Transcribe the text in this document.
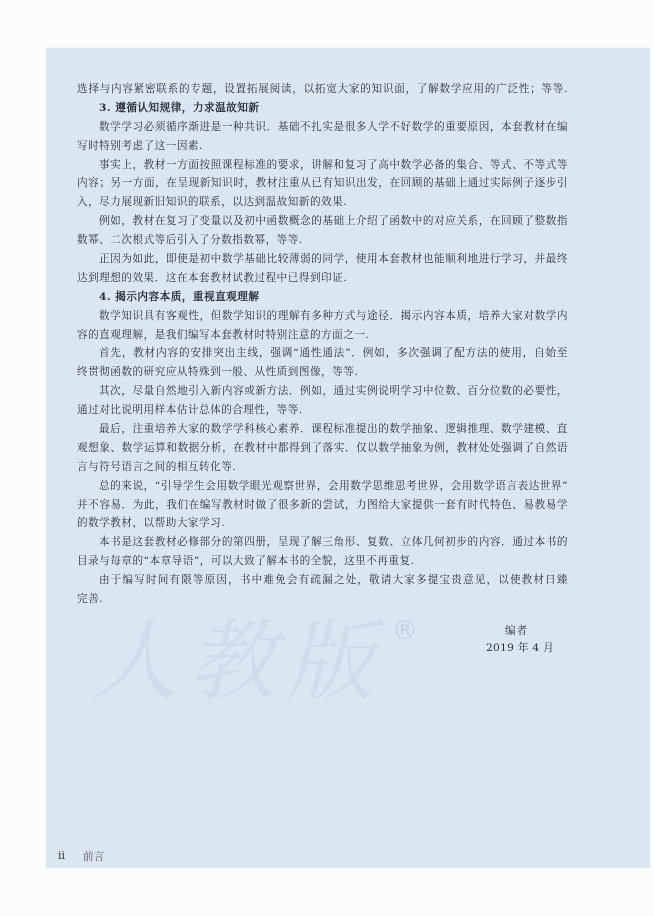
人教版 ®
选择与内容紧密联系的专题，设置拓展阅读，以拓宽大家的知识面，了解数学应用的广泛性；等等.
3. 遵循认知规律，力求温故知新
数学学习必须循序渐进是一种共识．基础不扎实是很多人学不好数学的重要原因，本套教材在编
写时特别考虑了这一因素.
事实上，教材一方面按照课程标准的要求，讲解和复习了高中数学必备的集合、等式、不等式等
内容；另一方面，在呈现新知识时，教材注重从已有知识出发，在回顾的基础上通过实际例子逐步引
入，尽力展现新旧知识的联系，以达到温故知新的效果.
例如，教材在复习了变量以及初中函数概念的基础上介绍了函数中的对应关系，在回顾了整数指
数幂、二次根式等后引入了分数指数幂，等等.
正因为如此，即使是初中数学基础比较薄弱的同学，使用本套教材也能顺利地进行学习，并最终
达到理想的效果．这在本套教材试教过程中已得到印证.
4. 揭示内容本质，重视直观理解
数学知识具有客观性，但数学知识的理解有多种方式与途径．揭示内容本质，培养大家对数学内
容的直观理解，是我们编写本套教材时特别注意的方面之一.
首先，教材内容的安排突出主线，强调“通性通法”．例如，多次强调了配方法的使用，自始至
终贯彻函数的研究应从特殊到一般、从性质到图像，等等.
其次，尽量自然地引入新内容或新方法．例如，通过实例说明学习中位数、百分位数的必要性，
通过对比说明用样本估计总体的合理性，等等.
最后，注重培养大家的数学学科核心素养．课程标准提出的数学抽象、逻辑推理、数学建模、直
观想象、数学运算和数据分析，在教材中都得到了落实．仅以数学抽象为例，教材处处强调了自然语
言与符号语言之间的相互转化等.
总的来说，“引导学生会用数学眼光观察世界，会用数学思维思考世界，会用数学语言表达世界”
并不容易．为此，我们在编写教材时做了很多新的尝试，力图给大家提供一套有时代特色、易教易学
的数学教材，以帮助大家学习.
本书是这套教材必修部分的第四册，呈现了解三角形、复数、立体几何初步的内容．通过本书的
目录与每章的“本章导语”，可以大致了解本书的全貌，这里不再重复.
由于编写时间有限等原因，书中难免会有疏漏之处，敬请大家多提宝贵意见，以使教材日臻
完善.
编者
2019 年 4 月
ii 前言
